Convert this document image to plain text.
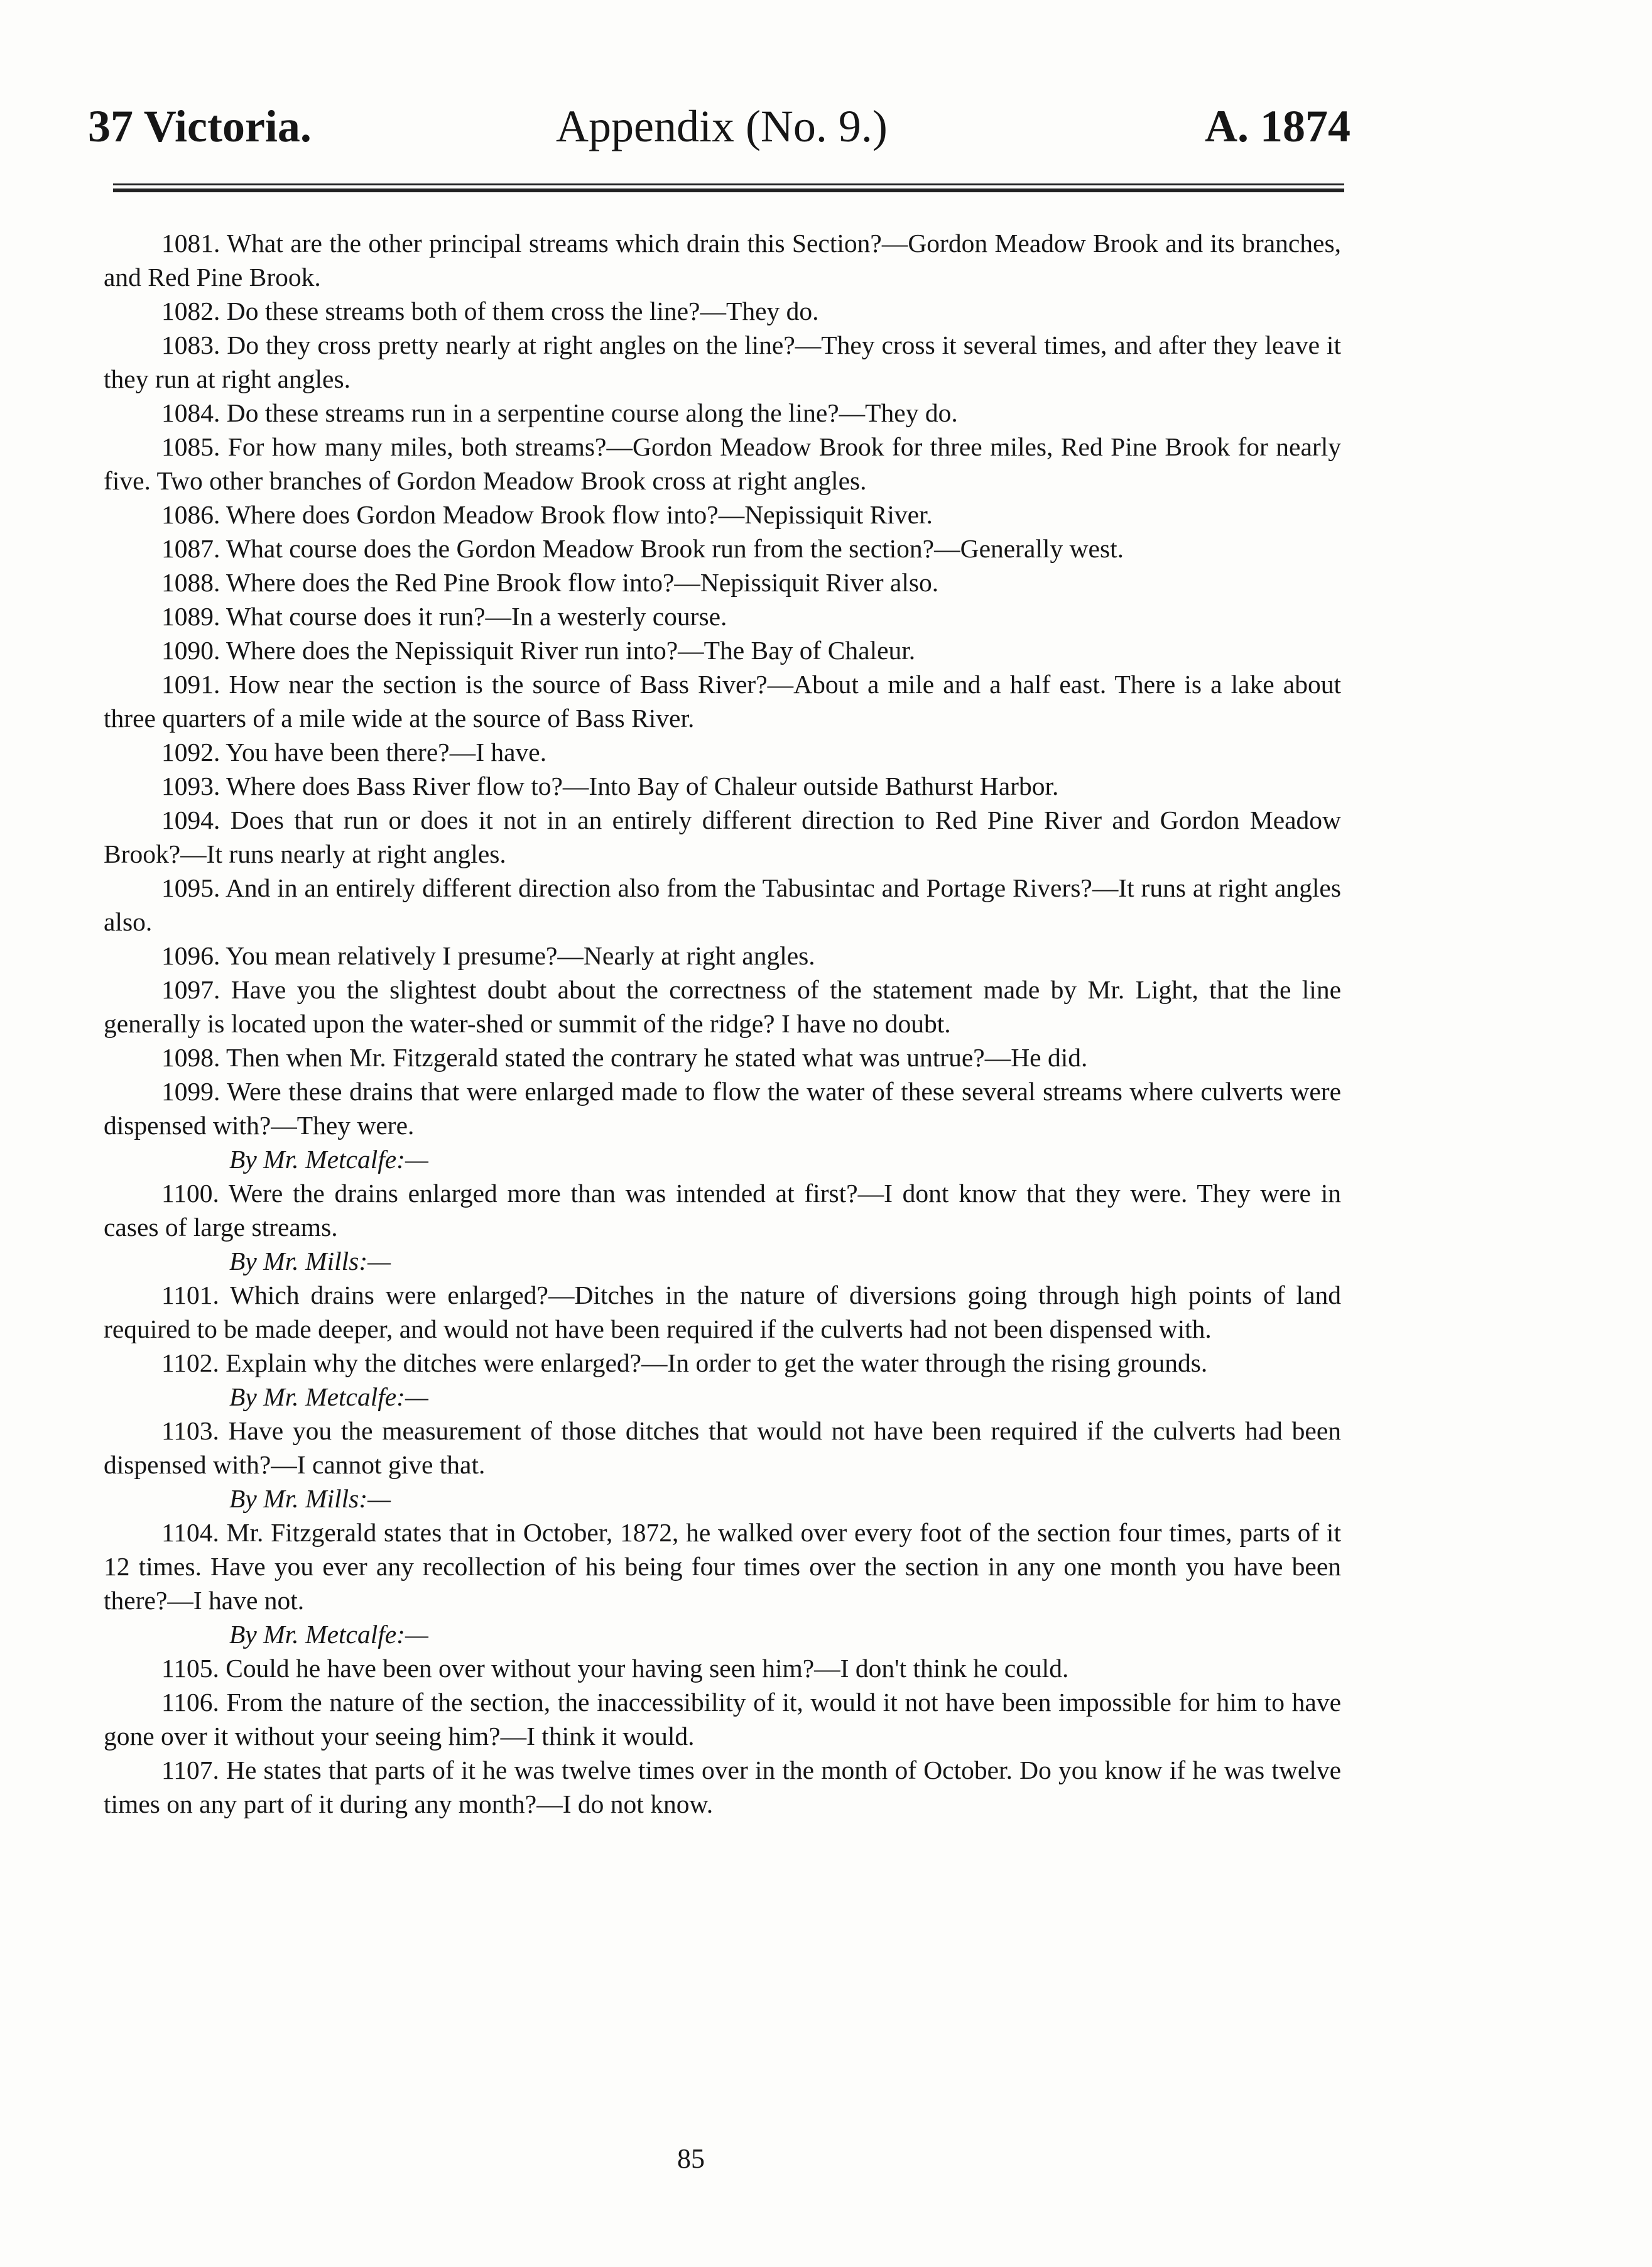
37 Victoria.	Appendix (No. 9.)	A. 1874

1081. What are the other principal streams which drain this Section?—Gordon Meadow Brook and its branches, and Red Pine Brook.

1082. Do these streams both of them cross the line?—They do.

1083. Do they cross pretty nearly at right angles on the line?—They cross it several times, and after they leave it they run at right angles.

1084. Do these streams run in a serpentine course along the line?—They do.

1085. For how many miles, both streams?—Gordon Meadow Brook for three miles, Red Pine Brook for nearly five. Two other branches of Gordon Meadow Brook cross at right angles.

1086. Where does Gordon Meadow Brook flow into?—Nepissiquit River.

1087. What course does the Gordon Meadow Brook run from the section?—Generally west.

1088. Where does the Red Pine Brook flow into?—Nepissiquit River also.

1089. What course does it run?—In a westerly course.

1090. Where does the Nepissiquit River run into?—The Bay of Chaleur.

1091. How near the section is the source of Bass River?—About a mile and a half east. There is a lake about three quarters of a mile wide at the source of Bass River.

1092. You have been there?—I have.

1093. Where does Bass River flow to?—Into Bay of Chaleur outside Bathurst Harbor.

1094. Does that run or does it not in an entirely different direction to Red Pine River and Gordon Meadow Brook?—It runs nearly at right angles.

1095. And in an entirely different direction also from the Tabusintac and Portage Rivers?—It runs at right angles also.

1096. You mean relatively I presume?—Nearly at right angles.

1097. Have you the slightest doubt about the correctness of the statement made by Mr. Light, that the line generally is located upon the water-shed or summit of the ridge? I have no doubt.

1098. Then when Mr. Fitzgerald stated the contrary he stated what was untrue?—He did.

1099. Were these drains that were enlarged made to flow the water of these several streams where culverts were dispensed with?—They were.

By Mr. Metcalfe:—

1100. Were the drains enlarged more than was intended at first?—I dont know that they were. They were in cases of large streams.

By Mr. Mills:—

1101. Which drains were enlarged?—Ditches in the nature of diversions going through high points of land required to be made deeper, and would not have been required if the culverts had not been dispensed with.

1102. Explain why the ditches were enlarged?—In order to get the water through the rising grounds.

By Mr. Metcalfe:—

1103. Have you the measurement of those ditches that would not have been required if the culverts had been dispensed with?—I cannot give that.

By Mr. Mills:—

1104. Mr. Fitzgerald states that in October, 1872, he walked over every foot of the section four times, parts of it 12 times. Have you ever any recollection of his being four times over the section in any one month you have been there?—I have not.

By Mr. Metcalfe:—

1105. Could he have been over without your having seen him?—I don't think he could.

1106. From the nature of the section, the inaccessibility of it, would it not have been impossible for him to have gone over it without your seeing him?—I think it would.

1107. He states that parts of it he was twelve times over in the month of October. Do you know if he was twelve times on any part of it during any month?—I do not know.

85
